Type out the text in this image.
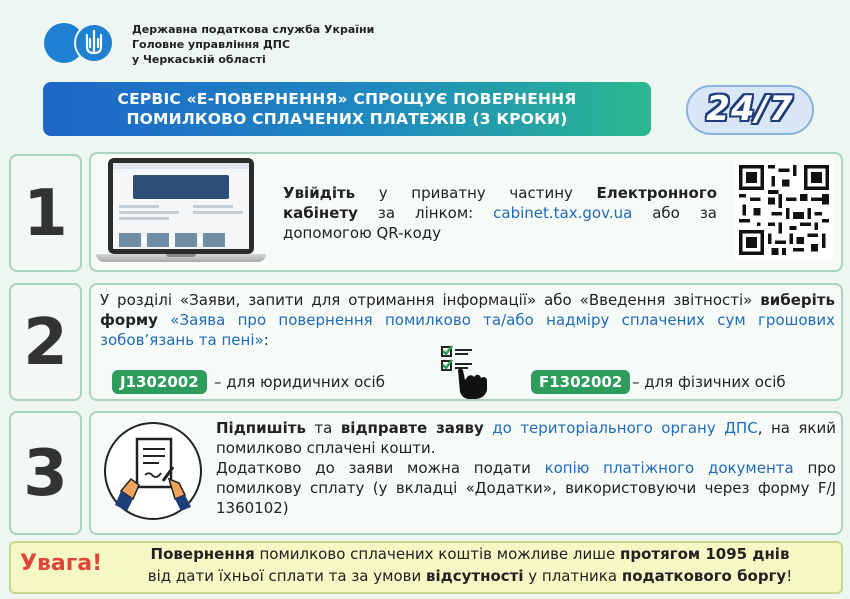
Державна податкова служба України
Головне управління ДПС
у Черкаській області
СЕРВІС «Е-ПОВЕРНЕННЯ» СПРОЩУЄ ПОВЕРНЕННЯ
ПОМИЛКОВО СПЛАЧЕНИХ ПЛАТЕЖІВ (3 КРОКИ)	24/7
1
2
3
Увійдіть у приватну частину Електронного кабінету за лінком: cabinet.tax.gov.ua або за допомогою QR-коду
У розділі «Заяви, запити для отримання інформації» або «Введення звітності» виберіть форму «Заява про повернення помилково та/або надміру сплачених сум грошових зобов’язань та пені»:
J1302002	– для юридичних осіб	F1302002 – для фізичних осіб
Підпишіть та відправте заяву до територіального органу ДПС, на який помилково сплачені кошти.
Додатково до заяви можна подати копію платіжного документа про помилкову сплату (у вкладці «Додатки», використовуючи через форму F/J 1360102)
Увага!	Повернення помилково сплачених коштів можливе лише протягом 1095 днів
від дати їхньої сплати та за умови відсутності у платника податкового боргу!
